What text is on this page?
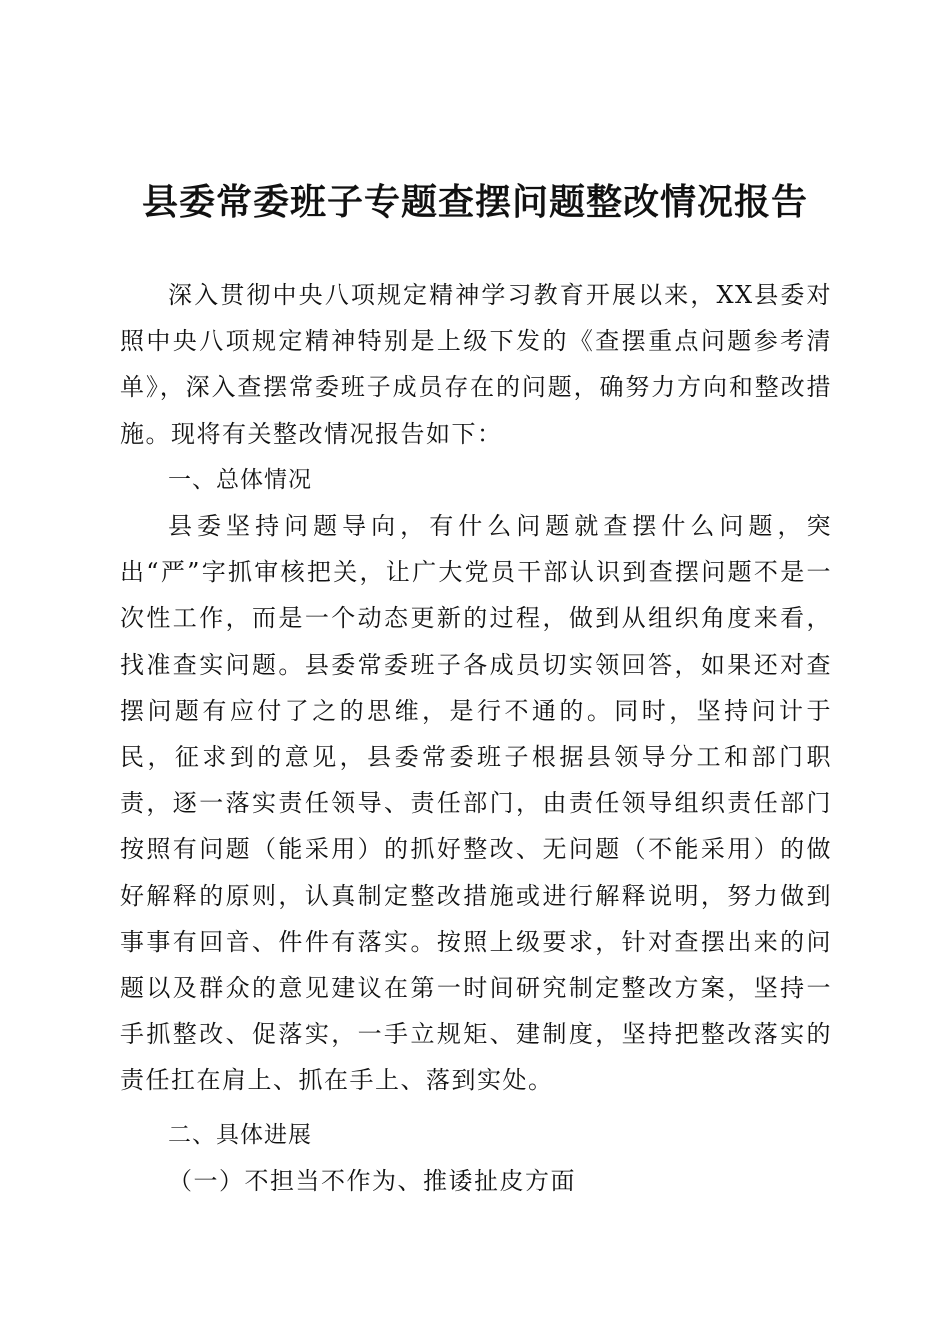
县委常委班子专题查摆问题整改情况报告

深入贯彻中央八项规定精神学习教育开展以来，XX县委对照中央八项规定精神特别是上级下发的《查摆重点问题参考清单》，深入查摆常委班子成员存在的问题，确努力方向和整改措施。现将有关整改情况报告如下：

一、总体情况

县委坚持问题导向，有什么问题就查摆什么问题，突出“严”字抓审核把关，让广大党员干部认识到查摆问题不是一次性工作，而是一个动态更新的过程，做到从组织角度来看，找准查实问题。县委常委班子各成员切实领回答，如果还对查摆问题有应付了之的思维，是行不通的。同时，坚持问计于民，征求到的意见，县委常委班子根据县领导分工和部门职责，逐一落实责任领导、责任部门，由责任领导组织责任部门按照有问题（能采用）的抓好整改、无问题（不能采用）的做好解释的原则，认真制定整改措施或进行解释说明，努力做到事事有回音、件件有落实。按照上级要求，针对查摆出来的问题以及群众的意见建议在第一时间研究制定整改方案，坚持一手抓整改、促落实，一手立规矩、建制度，坚持把整改落实的责任扛在肩上、抓在手上、落到实处。

二、具体进展

（一）不担当不作为、推诿扯皮方面
